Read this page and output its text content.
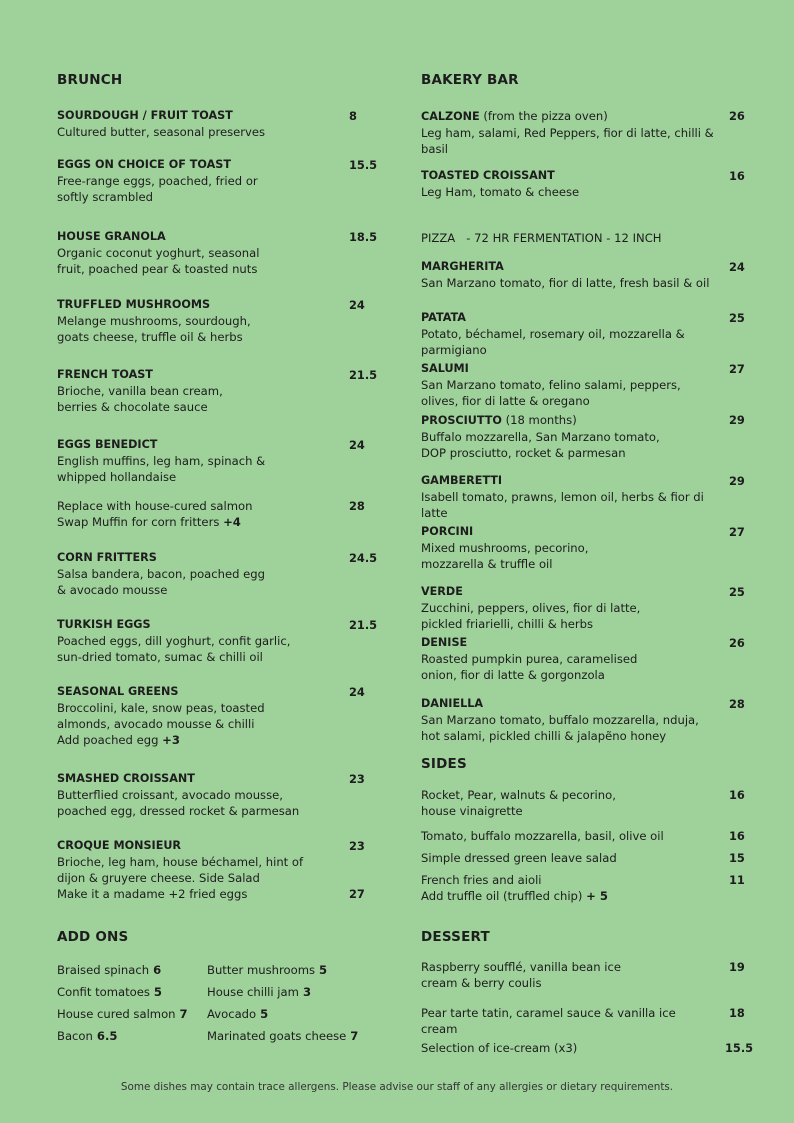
BRUNCH
SOURDOUGH / FRUIT TOAST	8
Cultured butter, seasonal preserves
EGGS ON CHOICE OF TOAST	15.5
Free-range eggs, poached, fried or softly scrambled
HOUSE GRANOLA	18.5
Organic coconut yoghurt, seasonal fruit, poached pear & toasted nuts
TRUFFLED MUSHROOMS	24
Melange mushrooms, sourdough, goats cheese, truffle oil & herbs
FRENCH TOAST	21.5
Brioche, vanilla bean cream, berries & chocolate sauce
EGGS BENEDICT	24
English muffins, leg ham, spinach & whipped hollandaise
28
Replace with house-cured salmon
Swap Muffin for corn fritters +4
CORN FRITTERS	24.5
Salsa bandera, bacon, poached egg & avocado mousse
TURKISH EGGS	21.5
Poached eggs, dill yoghurt, confit garlic, sun-dried tomato, sumac & chilli oil
SEASONAL GREENS	24
Broccolini, kale, snow peas, toasted almonds, avocado mousse & chilli
Add poached egg +3
SMASHED CROISSANT	23
Butterflied croissant, avocado mousse, poached egg, dressed rocket & parmesan
CROQUE MONSIEUR	23
Brioche, leg ham, house béchamel, hint of dijon & gruyere cheese. Side Salad
Make it a madame +2 fried eggs	27
ADD ONS
Braised spinach 6	Butter mushrooms 5
Confit tomatoes 5	House chilli jam 3
House cured salmon 7 Avocado 5
Bacon 6.5	Marinated goats cheese 7
BAKERY BAR
CALZONE (from the pizza oven)	26
Leg ham, salami, Red Peppers, fior di latte, chilli & basil
TOASTED CROISSANT	16
Leg Ham, tomato & cheese
PIZZA   - 72 HR FERMENTATION - 12 INCH
MARGHERITA	24
San Marzano tomato, fior di latte, fresh basil & oil
PATATA	25
Potato, béchamel, rosemary oil, mozzarella & parmigiano
SALUMI	27
San Marzano tomato, felino salami, peppers, olives, fior di latte & oregano
PROSCIUTTO (18 months)	29
Buffalo mozzarella, San Marzano tomato, DOP prosciutto, rocket & parmesan
GAMBERETTI	29
Isabell tomato, prawns, lemon oil, herbs & fior di latte
PORCINI	27
Mixed mushrooms, pecorino, mozzarella & truffle oil
VERDE	25
Zucchini, peppers, olives, fior di latte, pickled friarielli, chilli & herbs
DENISE	26
Roasted pumpkin purea, caramelised onion, fior di latte & gorgonzola
DANIELLA	28
San Marzano tomato, buffalo mozzarella, nduja, hot salami, pickled chilli & jalapẽno honey
SIDES
16
Rocket, Pear, walnuts & pecorino, house vinaigrette
16
Tomato, buffalo mozzarella, basil, olive oil
15
Simple dressed green leave salad
11
French fries and aioli
Add truffle oil (truffled chip) + 5
DESSERT
19
Raspberry soufflé, vanilla bean ice cream & berry coulis
18
Pear tarte tatin, caramel sauce & vanilla ice cream
15.5
Selection of ice-cream (x3)
Some dishes may contain trace allergens. Please advise our staff of any allergies or dietary requirements.
